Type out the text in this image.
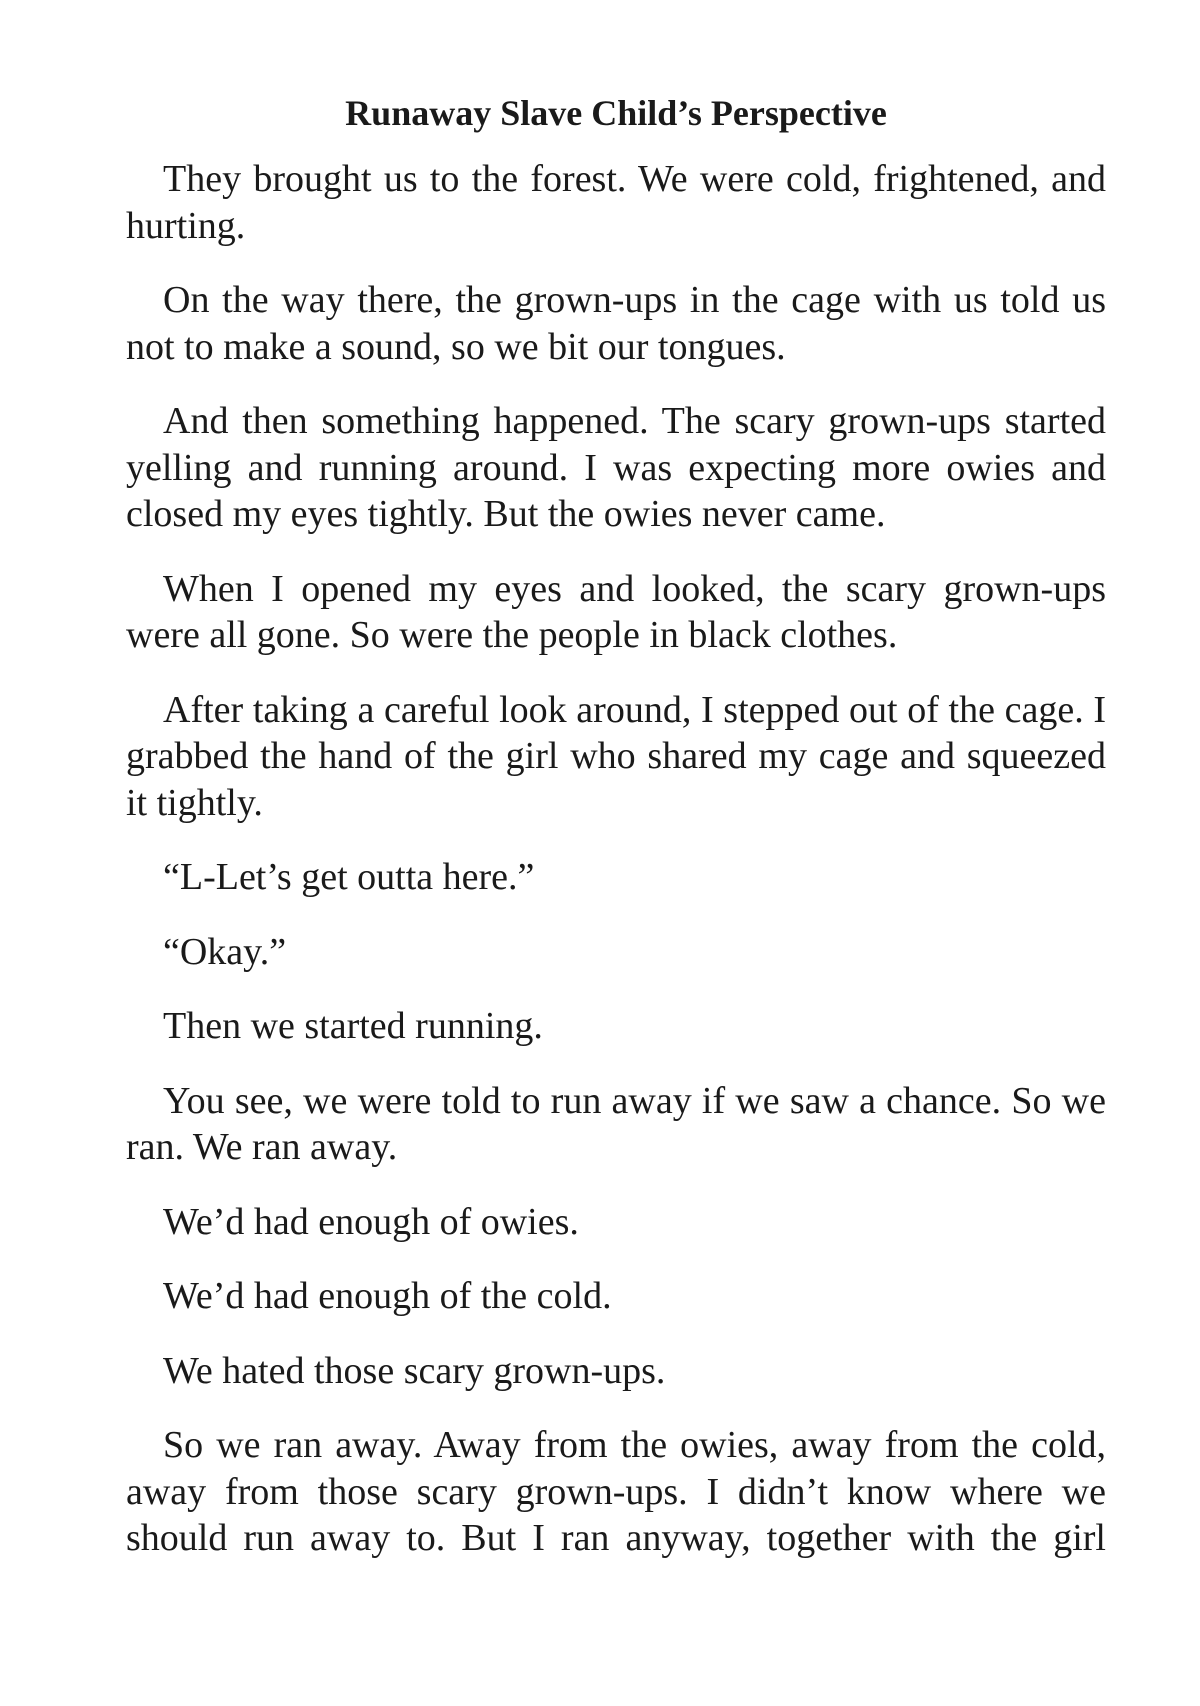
Runaway Slave Child’s Perspective

They brought us to the forest. We were cold, frightened, and hurting.

On the way there, the grown-ups in the cage with us told us not to make a sound, so we bit our tongues.

And then something happened. The scary grown-ups started yelling and running around. I was expecting more owies and closed my eyes tightly. But the owies never came.

When I opened my eyes and looked, the scary grown-ups were all gone. So were the people in black clothes.

After taking a careful look around, I stepped out of the cage. I grabbed the hand of the girl who shared my cage and squeezed it tightly.

“L-Let’s get outta here.”

“Okay.”

Then we started running.

You see, we were told to run away if we saw a chance. So we ran. We ran away.

We’d had enough of owies.

We’d had enough of the cold.

We hated those scary grown-ups.

So we ran away. Away from the owies, away from the cold, away from those scary grown-ups. I didn’t know where we should run away to. But I ran anyway, together with the girl
